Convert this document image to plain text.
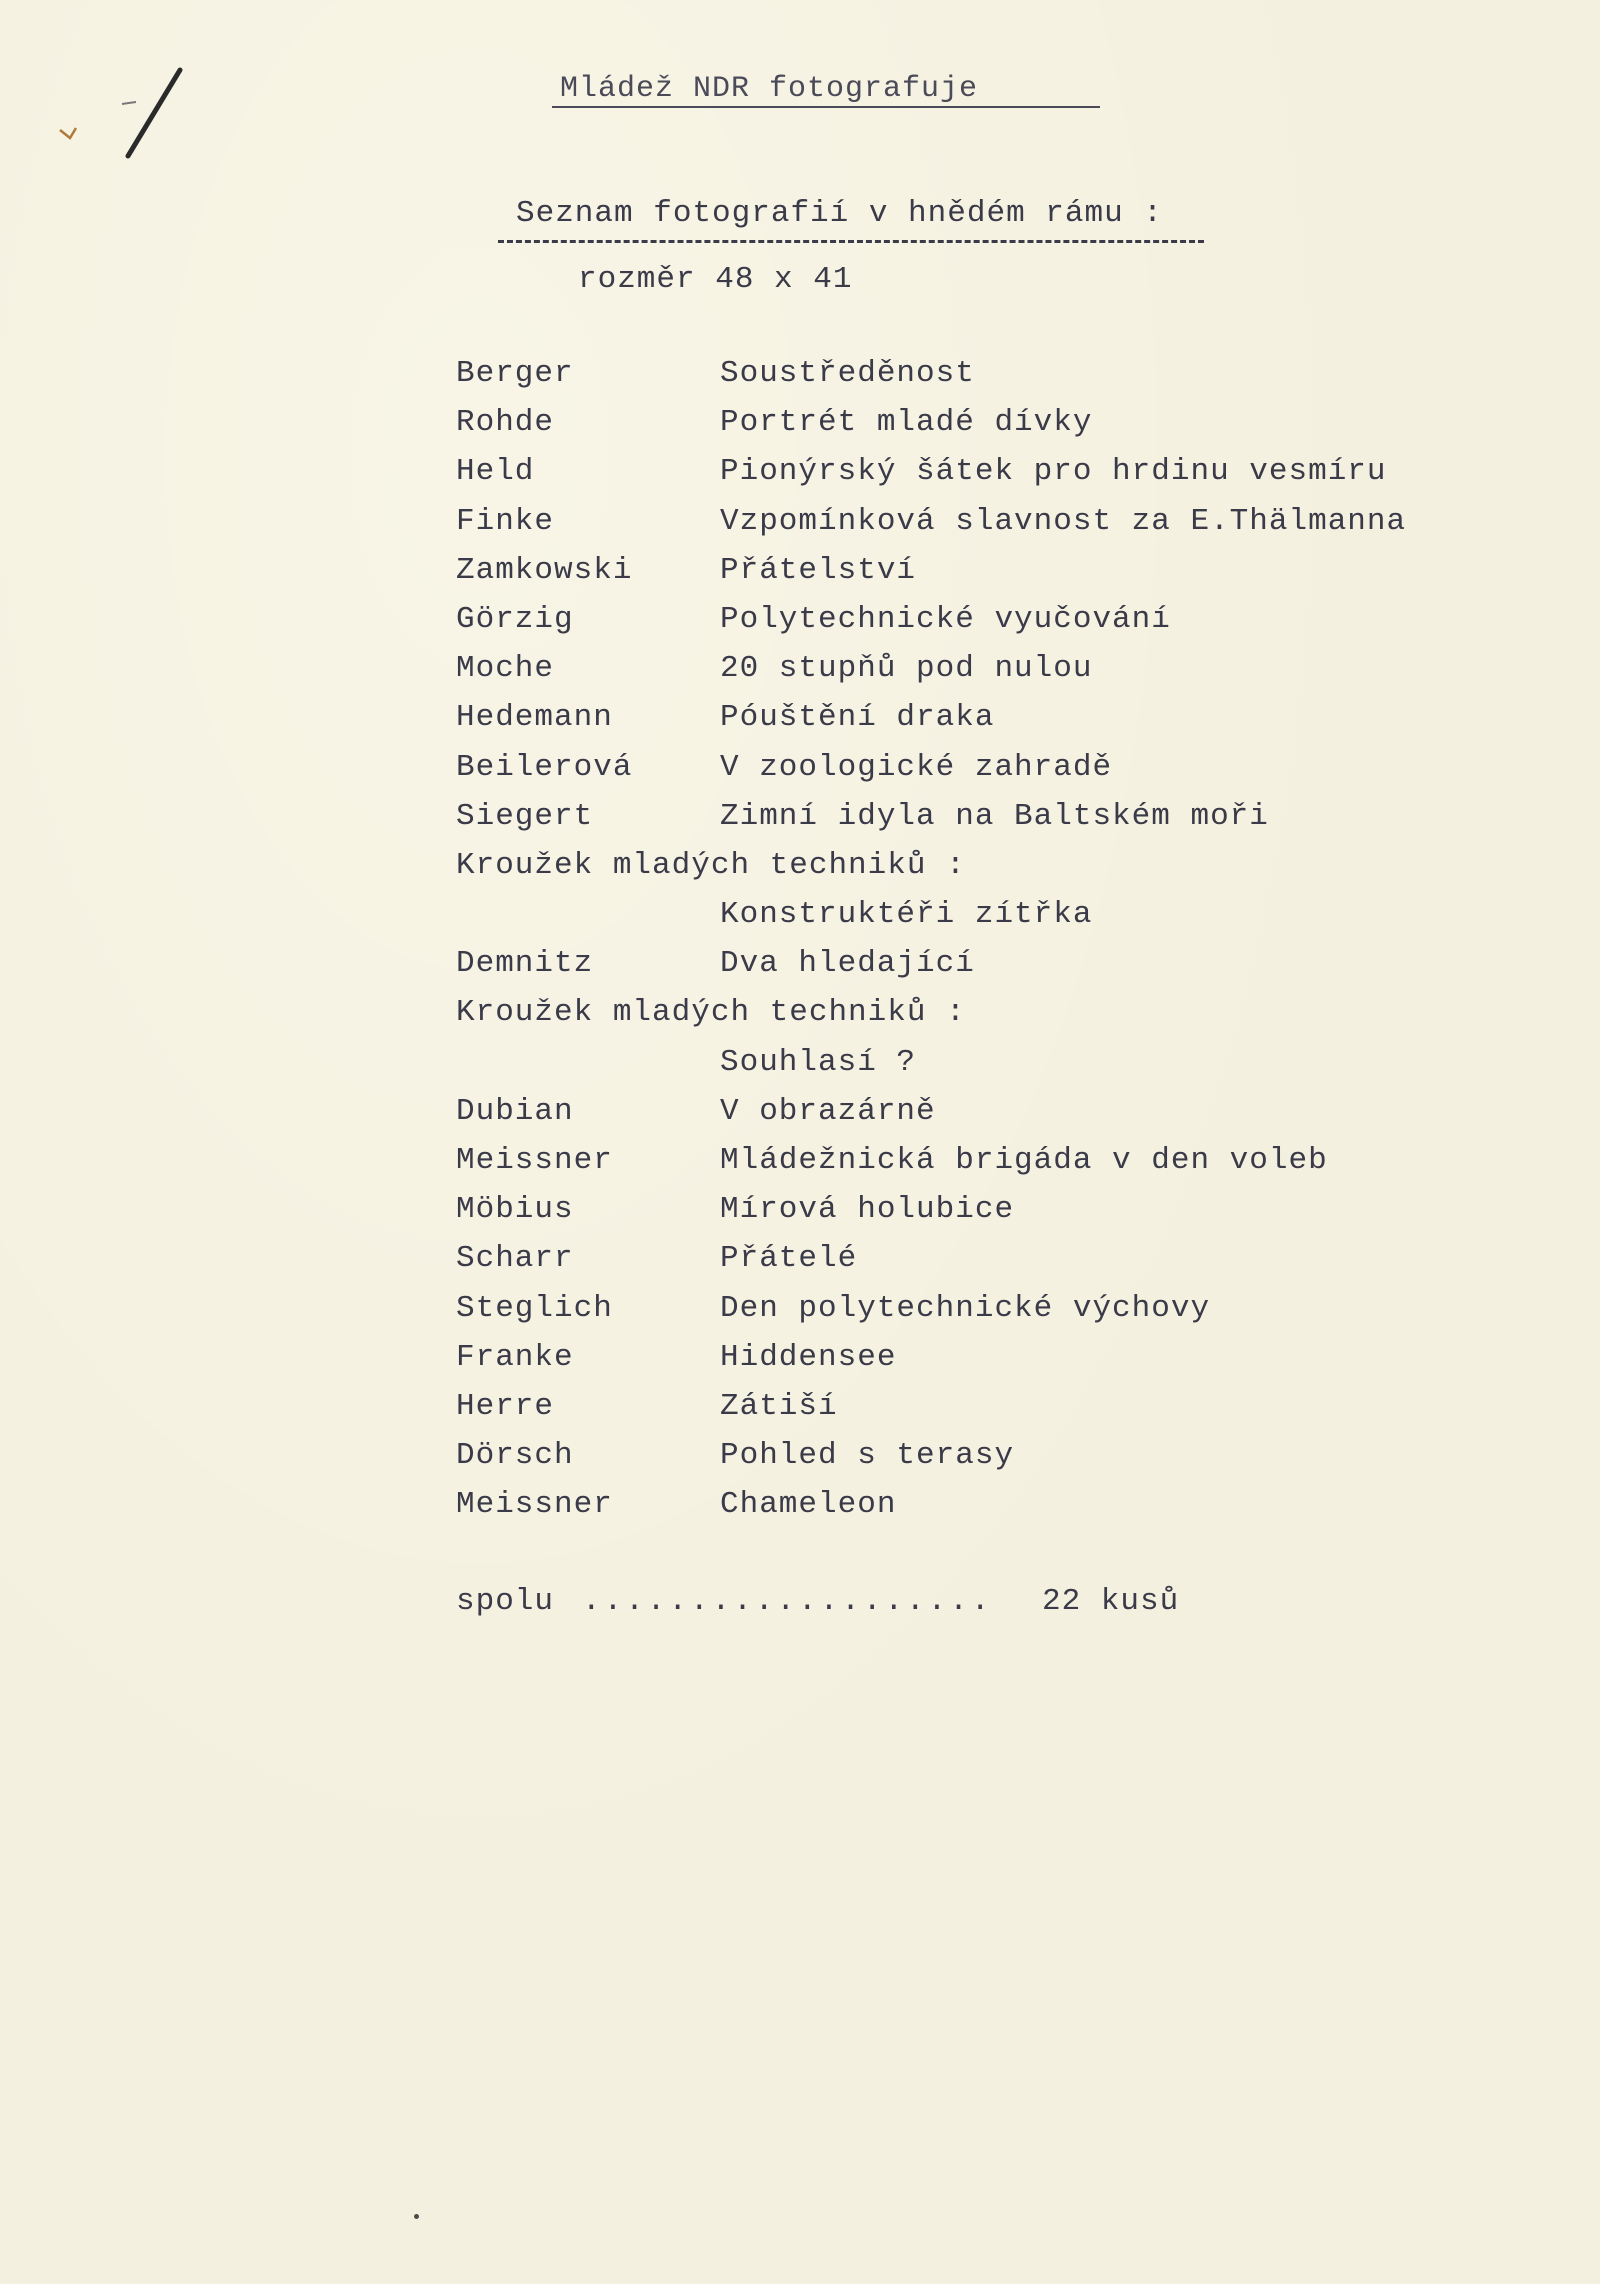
Mládež NDR fotografuje
Seznam fotografií v hnědém rámu :
rozměr 48 x 41
Berger	Soustředěnost
Rohde	Portrét mladé dívky
Held	Pionýrský šátek pro hrdinu vesmíru
Finke	Vzpomínková slavnost za E.Thälmanna
Zamkowski	Přátelství
Görzig	Polytechnické vyučování
Moche	20 stupňů pod nulou
Hedemann	Póuštění draka
Beilerová	V zoologické zahradě
Siegert	Zimní idyla na Baltském moři
Kroužek mladých techniků :
Konstruktéři zítřka
Demnitz	Dva hledající
Kroužek mladých techniků :
Souhlasí ?
Dubian	V obrazárně
Meissner	Mládežnická brigáda v den voleb
Möbius	Mírová holubice
Scharr	Přátelé
Steglich	Den polytechnické výchovy
Franke	Hiddensee
Herre	Zátiší
Dörsch	Pohled s terasy
Meissner	Chameleon
spolu ................... 22 kusů
